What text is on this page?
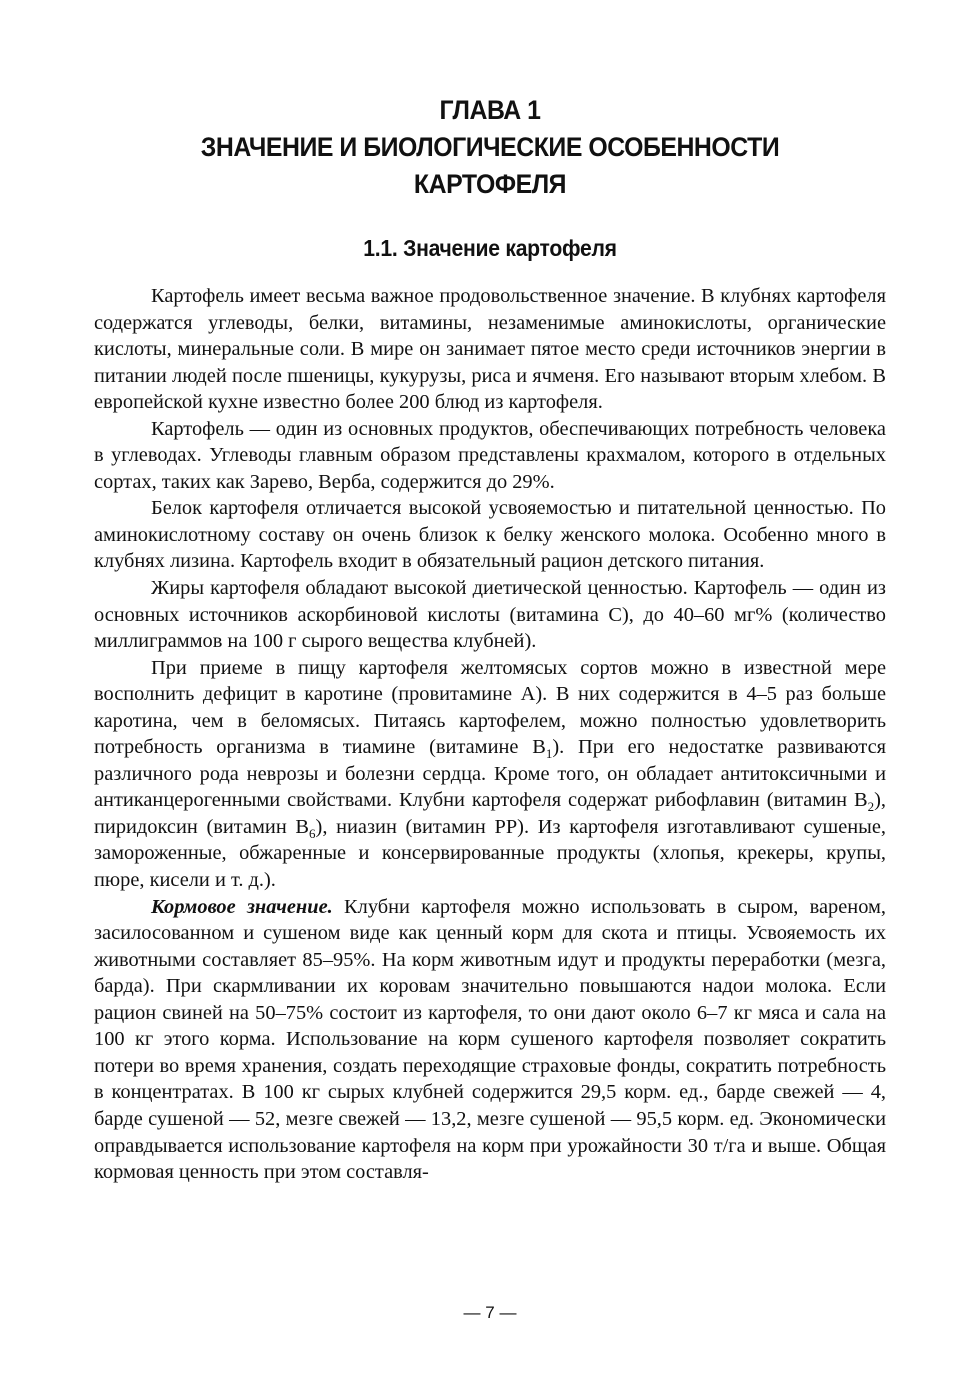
ГЛАВА 1
ЗНАЧЕНИЕ И БИОЛОГИЧЕСКИЕ ОСОБЕННОСТИ
КАРТОФЕЛЯ
1.1. Значение картофеля

Картофель имеет весьма важное продовольственное значение. В клубнях картофеля содержатся углеводы, белки, витамины, незаменимые аминокислоты, органические кислоты, минеральные соли. В мире он занимает пятое место среди источников энергии в питании людей после пшеницы, кукурузы, риса и ячменя. Его называют вторым хлебом. В европейской кухне известно более 200 блюд из картофеля.

Картофель — один из основных продуктов, обеспечивающих потребность человека в углеводах. Углеводы главным образом представлены крахмалом, которого в отдельных сортах, таких как Зарево, Верба, содержится до 29%.

Белок картофеля отличается высокой усвояемостью и питательной ценностью. По аминокислотному составу он очень близок к белку женского молока. Особенно много в клубнях лизина. Картофель входит в обязательный рацион детского питания.

Жиры картофеля обладают высокой диетической ценностью. Картофель — один из основных источников аскорбиновой кислоты (витамина С), до 40–60 мг% (количество миллиграммов на 100 г сырого вещества клубней).

При приеме в пищу картофеля желтомясых сортов можно в известной мере восполнить дефицит в каротине (провитамине А). В них содержится в 4–5 раз больше каротина, чем в беломясых. Питаясь картофелем, можно полностью удовлетворить потребность организма в тиамине (витамине $B_1$). При его недостатке развиваются различного рода неврозы и болезни сердца. Кроме того, он обладает антитоксичными и антиканцерогенными свойствами. Клубни картофеля содержат рибофлавин (витамин $B_2$), пиридоксин (витамин $B_6$), ниазин (витамин PP). Из картофеля изготавливают сушеные, замороженные, обжаренные и консервированные продукты (хлопья, крекеры, крупы, пюре, кисели и т. д.).

Кормовое значение. Клубни картофеля можно использовать в сыром, вареном, засилосованном и сушеном виде как ценный корм для скота и птицы. Усвояемость их животными составляет 85–95%. На корм животным идут и продукты переработки (мезга, барда). При скармливании их коровам значительно повышаются надои молока. Если рацион свиней на 50–75% состоит из картофеля, то они дают около 6–7 кг мяса и сала на 100 кг этого корма. Использование на корм сушеного картофеля позволяет сократить потери во время хранения, создать переходящие страховые фонды, сократить потребность в концентратах. В 100 кг сырых клубней содержится 29,5 корм. ед., барде свежей — 4, барде сушеной — 52, мезге свежей — 13,2, мезге сушеной — 95,5 корм. ед. Экономически оправдывается использование картофеля на корм при урожайности 30 т/га и выше. Общая кормовая ценность при этом составля-

— 7 —
